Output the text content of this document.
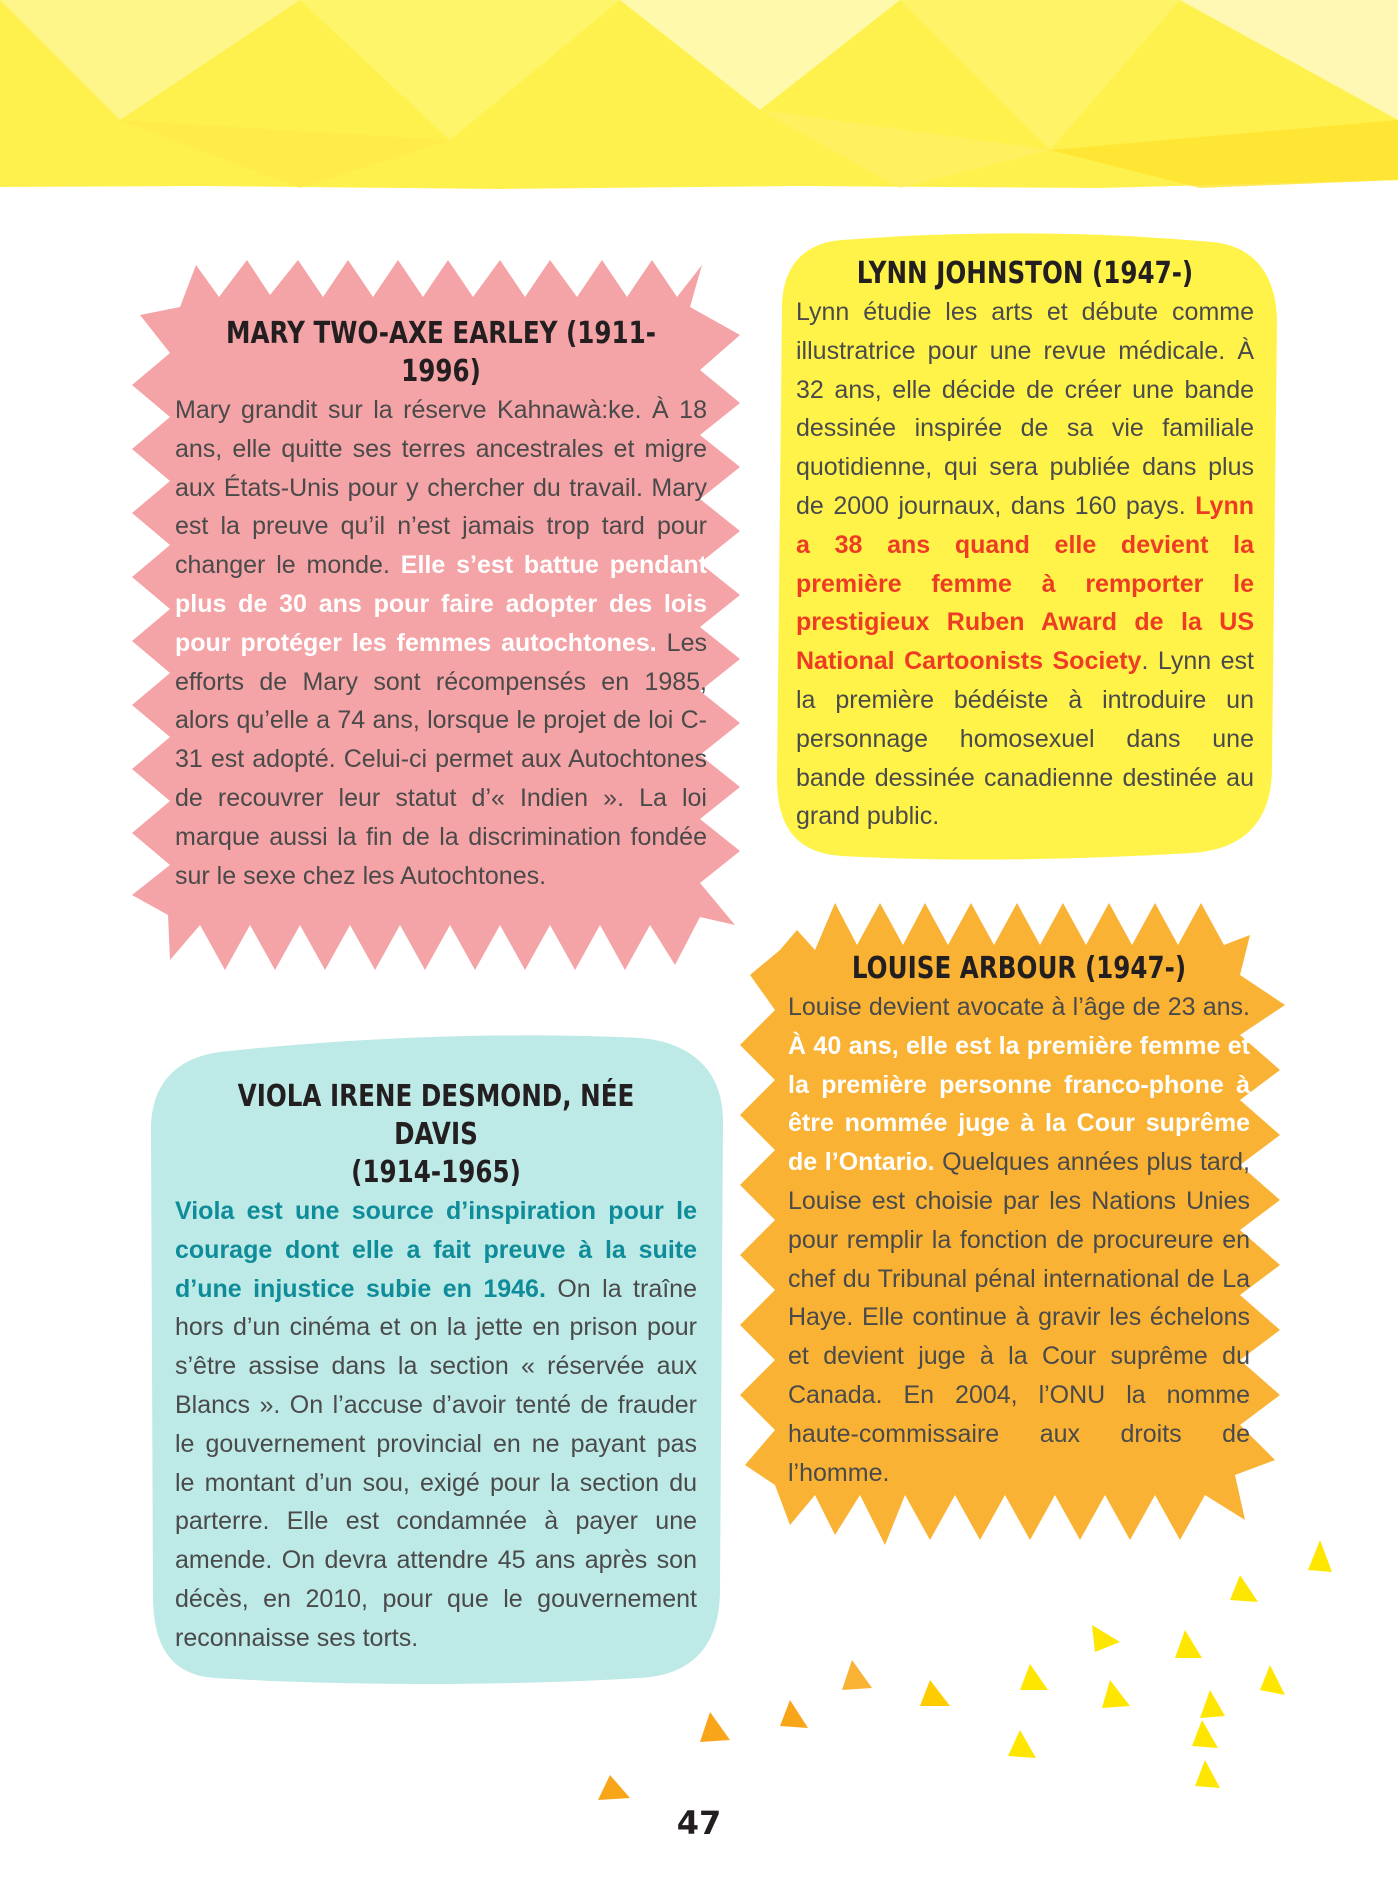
MARY TWO-AXE EARLEY (1911-1996)

Mary grandit sur la réserve Kahnawà:ke. À 18 ans, elle quitte ses terres ancestrales et migre aux États-Unis pour y chercher du travail. Mary est la preuve qu’il n’est jamais trop tard pour changer le monde. Elle s’est battue pendant plus de 30 ans pour faire adopter des lois pour protéger les femmes autochtones. Les efforts de Mary sont récompensés en 1985, alors qu’elle a 74 ans, lorsque le projet de loi C-31 est adopté. Celui-ci permet aux Autochtones de recouvrer leur statut d’« Indien ». La loi marque aussi la fin de la discrimination fondée sur le sexe chez les Autochtones.

LYNN JOHNSTON (1947-)

Lynn étudie les arts et débute comme illustratrice pour une revue médicale. À 32 ans, elle décide de créer une bande dessinée inspirée de sa vie familiale quotidienne, qui sera publiée dans plus de 2000 journaux, dans 160 pays. Lynn a 38 ans quand elle devient la première femme à remporter le prestigieux Ruben Award de la US National Cartoonists Society. Lynn est la première bédéiste à introduire un personnage homosexuel dans une bande dessinée canadienne destinée au grand public.

LOUISE ARBOUR (1947-)

Louise devient avocate à l’âge de 23 ans. À 40 ans, elle est la première femme et la première personne franco-phone à être nommée juge à la Cour suprême de l’Ontario. Quelques années plus tard, Louise est choisie par les Nations Unies pour remplir la fonction de procureure en chef du Tribunal pénal international de La Haye. Elle continue à gravir les échelons et devient juge à la Cour suprême du Canada. En 2004, l’ONU la nomme haute-commissaire aux droits de l’homme.

VIOLA IRENE DESMOND, NÉE DAVIS
(1914-1965)

Viola est une source d’inspiration pour le courage dont elle a fait preuve à la suite d’une injustice subie en 1946. On la traîne hors d’un cinéma et on la jette en prison pour s’être assise dans la section « réservée aux Blancs ». On l’accuse d’avoir tenté de frauder le gouvernement provincial en ne payant pas le montant d’un sou, exigé pour la section du parterre. Elle est condamnée à payer une amende. On devra attendre 45 ans après son décès, en 2010, pour que le gouvernement reconnaisse ses torts.

47
